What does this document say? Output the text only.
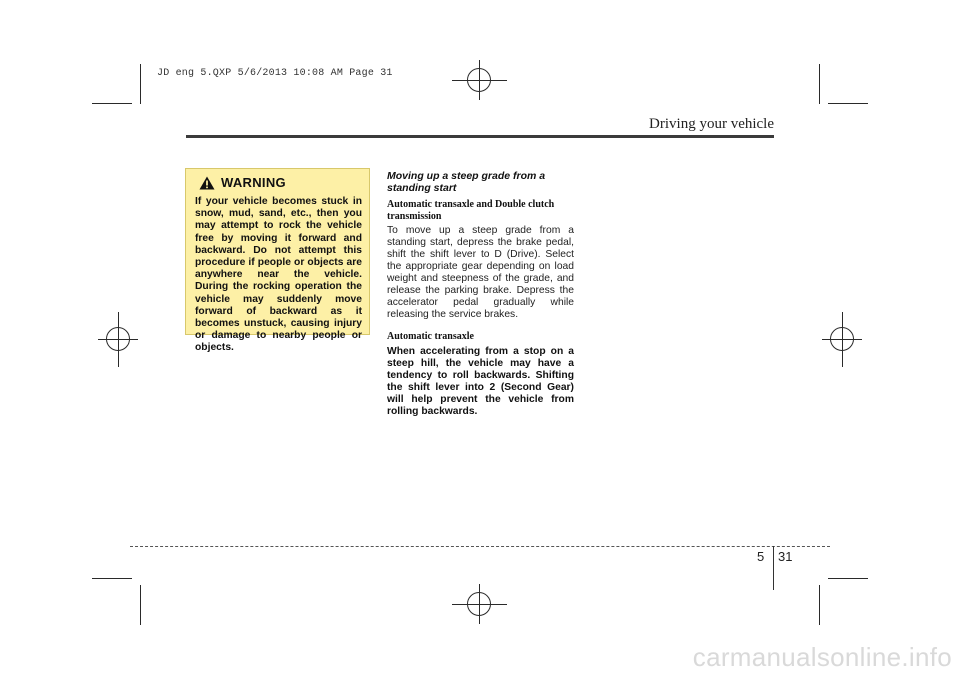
JD eng 5.QXP 5/6/2013 10:08 AM Page 31
Driving your vehicle
WARNING

If your vehicle becomes stuck in snow, mud, sand, etc., then you may attempt to rock the vehicle free by moving it forward and backward. Do not attempt this procedure if people or objects are anywhere near the vehicle. During the rocking operation the vehicle may suddenly move forward of backward as it becomes unstuck, causing injury or damage to nearby people or objects.

Moving up a steep grade from a standing start

Automatic transaxle and Double clutch transmission

To move up a steep grade from a standing start, depress the brake pedal, shift the shift lever to D (Drive). Select the appropriate gear depending on load weight and steepness of the grade, and release the parking brake. Depress the accelerator pedal gradually while releasing the service brakes.

Automatic transaxle

When accelerating from a stop on a steep hill, the vehicle may have a tendency to roll backwards. Shifting the shift lever into 2 (Second Gear) will help prevent the vehicle from rolling backwards.

5 31
carmanualsonline.info
